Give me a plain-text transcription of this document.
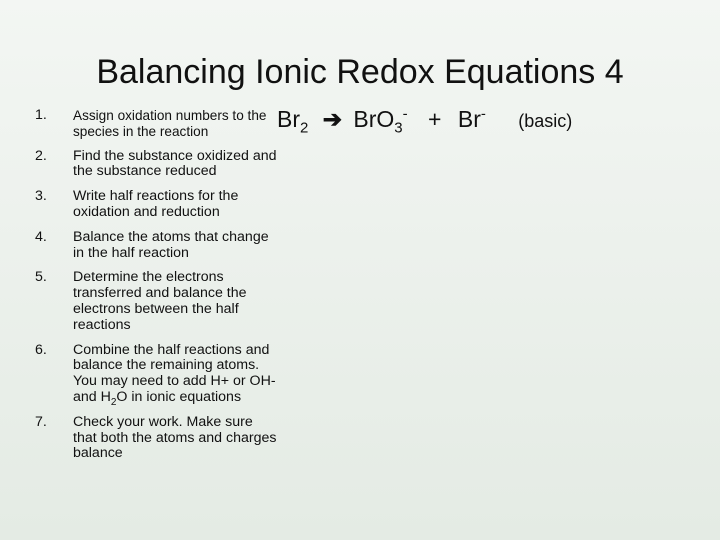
Balancing Ionic Redox Equations 4
1.	Assign oxidation numbers to the species in the reaction
2.	Find the substance oxidized and the substance reduced
3.	Write half reactions for the oxidation and reduction
4.	Balance the atoms that change in the half reaction
5.	Determine the electrons transferred and balance the electrons between the half reactions
6.	Combine the half reactions and balance the remaining atoms. You may need to add H+ or OH- and $H_2O$ in ionic equations
7.	Check your work. Make sure that both the atoms and charges balance
$Br_2$ ➔ BrO$_3$- + Br- (basic)
